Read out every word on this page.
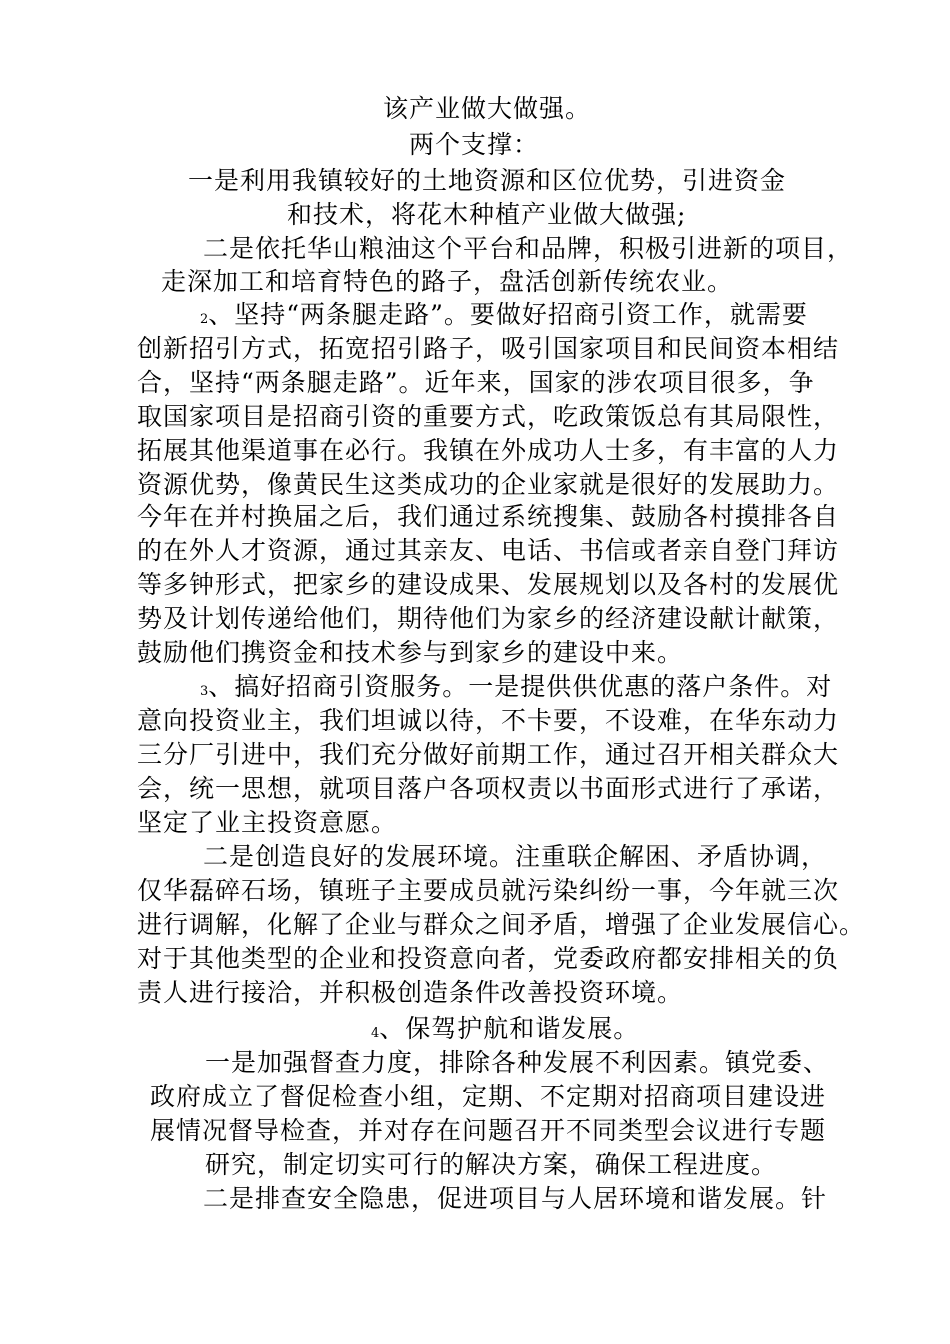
该产业做大做强。
两个支撑：
一是利用我镇较好的土地资源和区位优势，引进资金
和技术，将花木种植产业做大做强;
二是依托华山粮油这个平台和品牌，积极引进新的项目，
走深加工和培育特色的路子，盘活创新传统农业。
2、坚持“两条腿走路”。要做好招商引资工作，就需要
创新招引方式，拓宽招引路子，吸引国家项目和民间资本相结
合，坚持“两条腿走路”。近年来，国家的涉农项目很多，争
取国家项目是招商引资的重要方式，吃政策饭总有其局限性，
拓展其他渠道事在必行。我镇在外成功人士多，有丰富的人力
资源优势，像黄民生这类成功的企业家就是很好的发展助力。
今年在并村换届之后，我们通过系统搜集、鼓励各村摸排各自
的在外人才资源，通过其亲友、电话、书信或者亲自登门拜访
等多钟形式，把家乡的建设成果、发展规划以及各村的发展优
势及计划传递给他们，期待他们为家乡的经济建设献计献策，
鼓励他们携资金和技术参与到家乡的建设中来。
3、搞好招商引资服务。一是提供供优惠的落户条件。对
意向投资业主，我们坦诚以待，不卡要，不设难，在华东动力
三分厂引进中，我们充分做好前期工作，通过召开相关群众大
会，统一思想，就项目落户各项权责以书面形式进行了承诺，
坚定了业主投资意愿。
二是创造良好的发展环境。注重联企解困、矛盾协调，
仅华磊碎石场，镇班子主要成员就污染纠纷一事，今年就三次
进行调解，化解了企业与群众之间矛盾，增强了企业发展信心。
对于其他类型的企业和投资意向者，党委政府都安排相关的负
责人进行接洽，并积极创造条件改善投资环境。
4、保驾护航和谐发展。
一是加强督查力度，排除各种发展不利因素。镇党委、
政府成立了督促检查小组，定期、不定期对招商项目建设进
展情况督导检查，并对存在问题召开不同类型会议进行专题
研究，制定切实可行的解决方案，确保工程进度。
二是排查安全隐患，促进项目与人居环境和谐发展。针
